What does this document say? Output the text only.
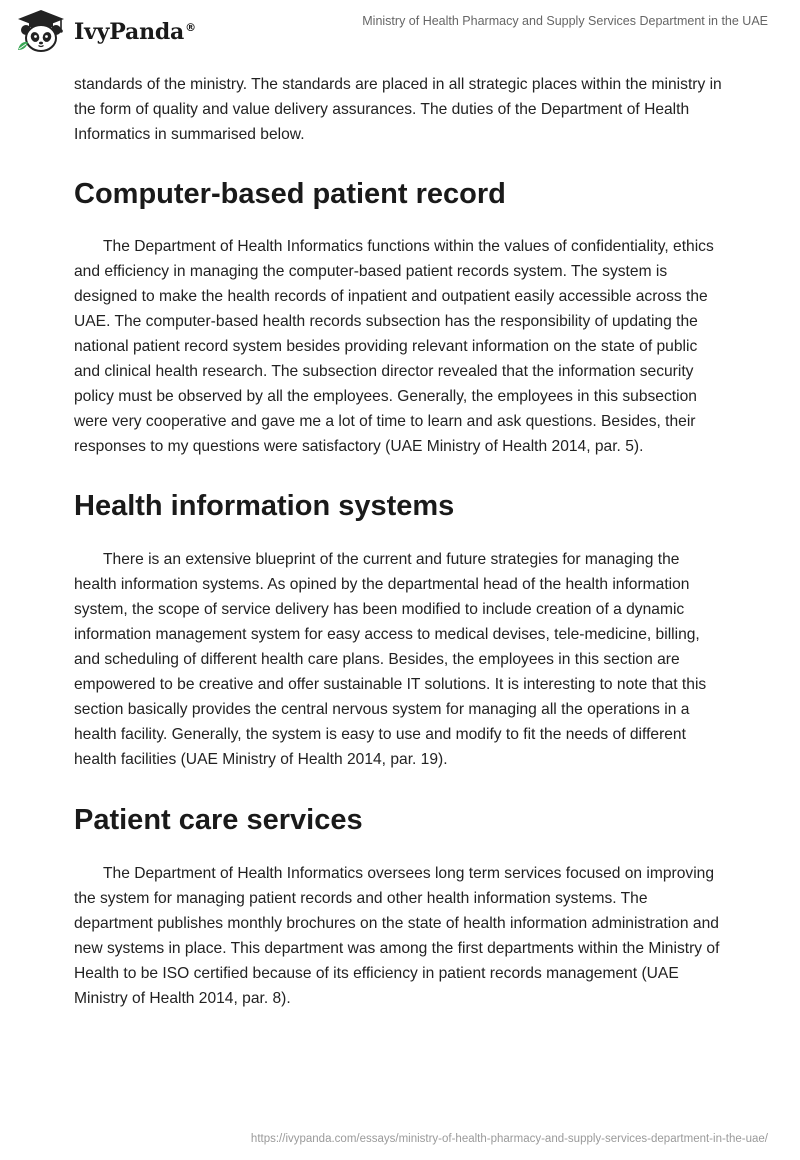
IvyPanda®	Ministry of Health Pharmacy and Supply Services Department in the UAE

standards of the ministry. The standards are placed in all strategic places within the ministry in the form of quality and value delivery assurances. The duties of the Department of Health Informatics in summarised below.

Computer-based patient record

The Department of Health Informatics functions within the values of confidentiality, ethics and efficiency in managing the computer-based patient records system. The system is designed to make the health records of inpatient and outpatient easily accessible across the UAE. The computer-based health records subsection has the responsibility of updating the national patient record system besides providing relevant information on the state of public and clinical health research. The subsection director revealed that the information security policy must be observed by all the employees. Generally, the employees in this subsection were very cooperative and gave me a lot of time to learn and ask questions. Besides, their responses to my questions were satisfactory (UAE Ministry of Health 2014, par. 5).

Health information systems

There is an extensive blueprint of the current and future strategies for managing the health information systems. As opined by the departmental head of the health information system, the scope of service delivery has been modified to include creation of a dynamic information management system for easy access to medical devises, tele-medicine, billing, and scheduling of different health care plans. Besides, the employees in this section are empowered to be creative and offer sustainable IT solutions. It is interesting to note that this section basically provides the central nervous system for managing all the operations in a health facility. Generally, the system is easy to use and modify to fit the needs of different health facilities (UAE Ministry of Health 2014, par. 19).

Patient care services

The Department of Health Informatics oversees long term services focused on improving the system for managing patient records and other health information systems. The department publishes monthly brochures on the state of health information administration and new systems in place. This department was among the first departments within the Ministry of Health to be ISO certified because of its efficiency in patient records management (UAE Ministry of Health 2014, par. 8).

https://ivypanda.com/essays/ministry-of-health-pharmacy-and-supply-services-department-in-the-uae/
